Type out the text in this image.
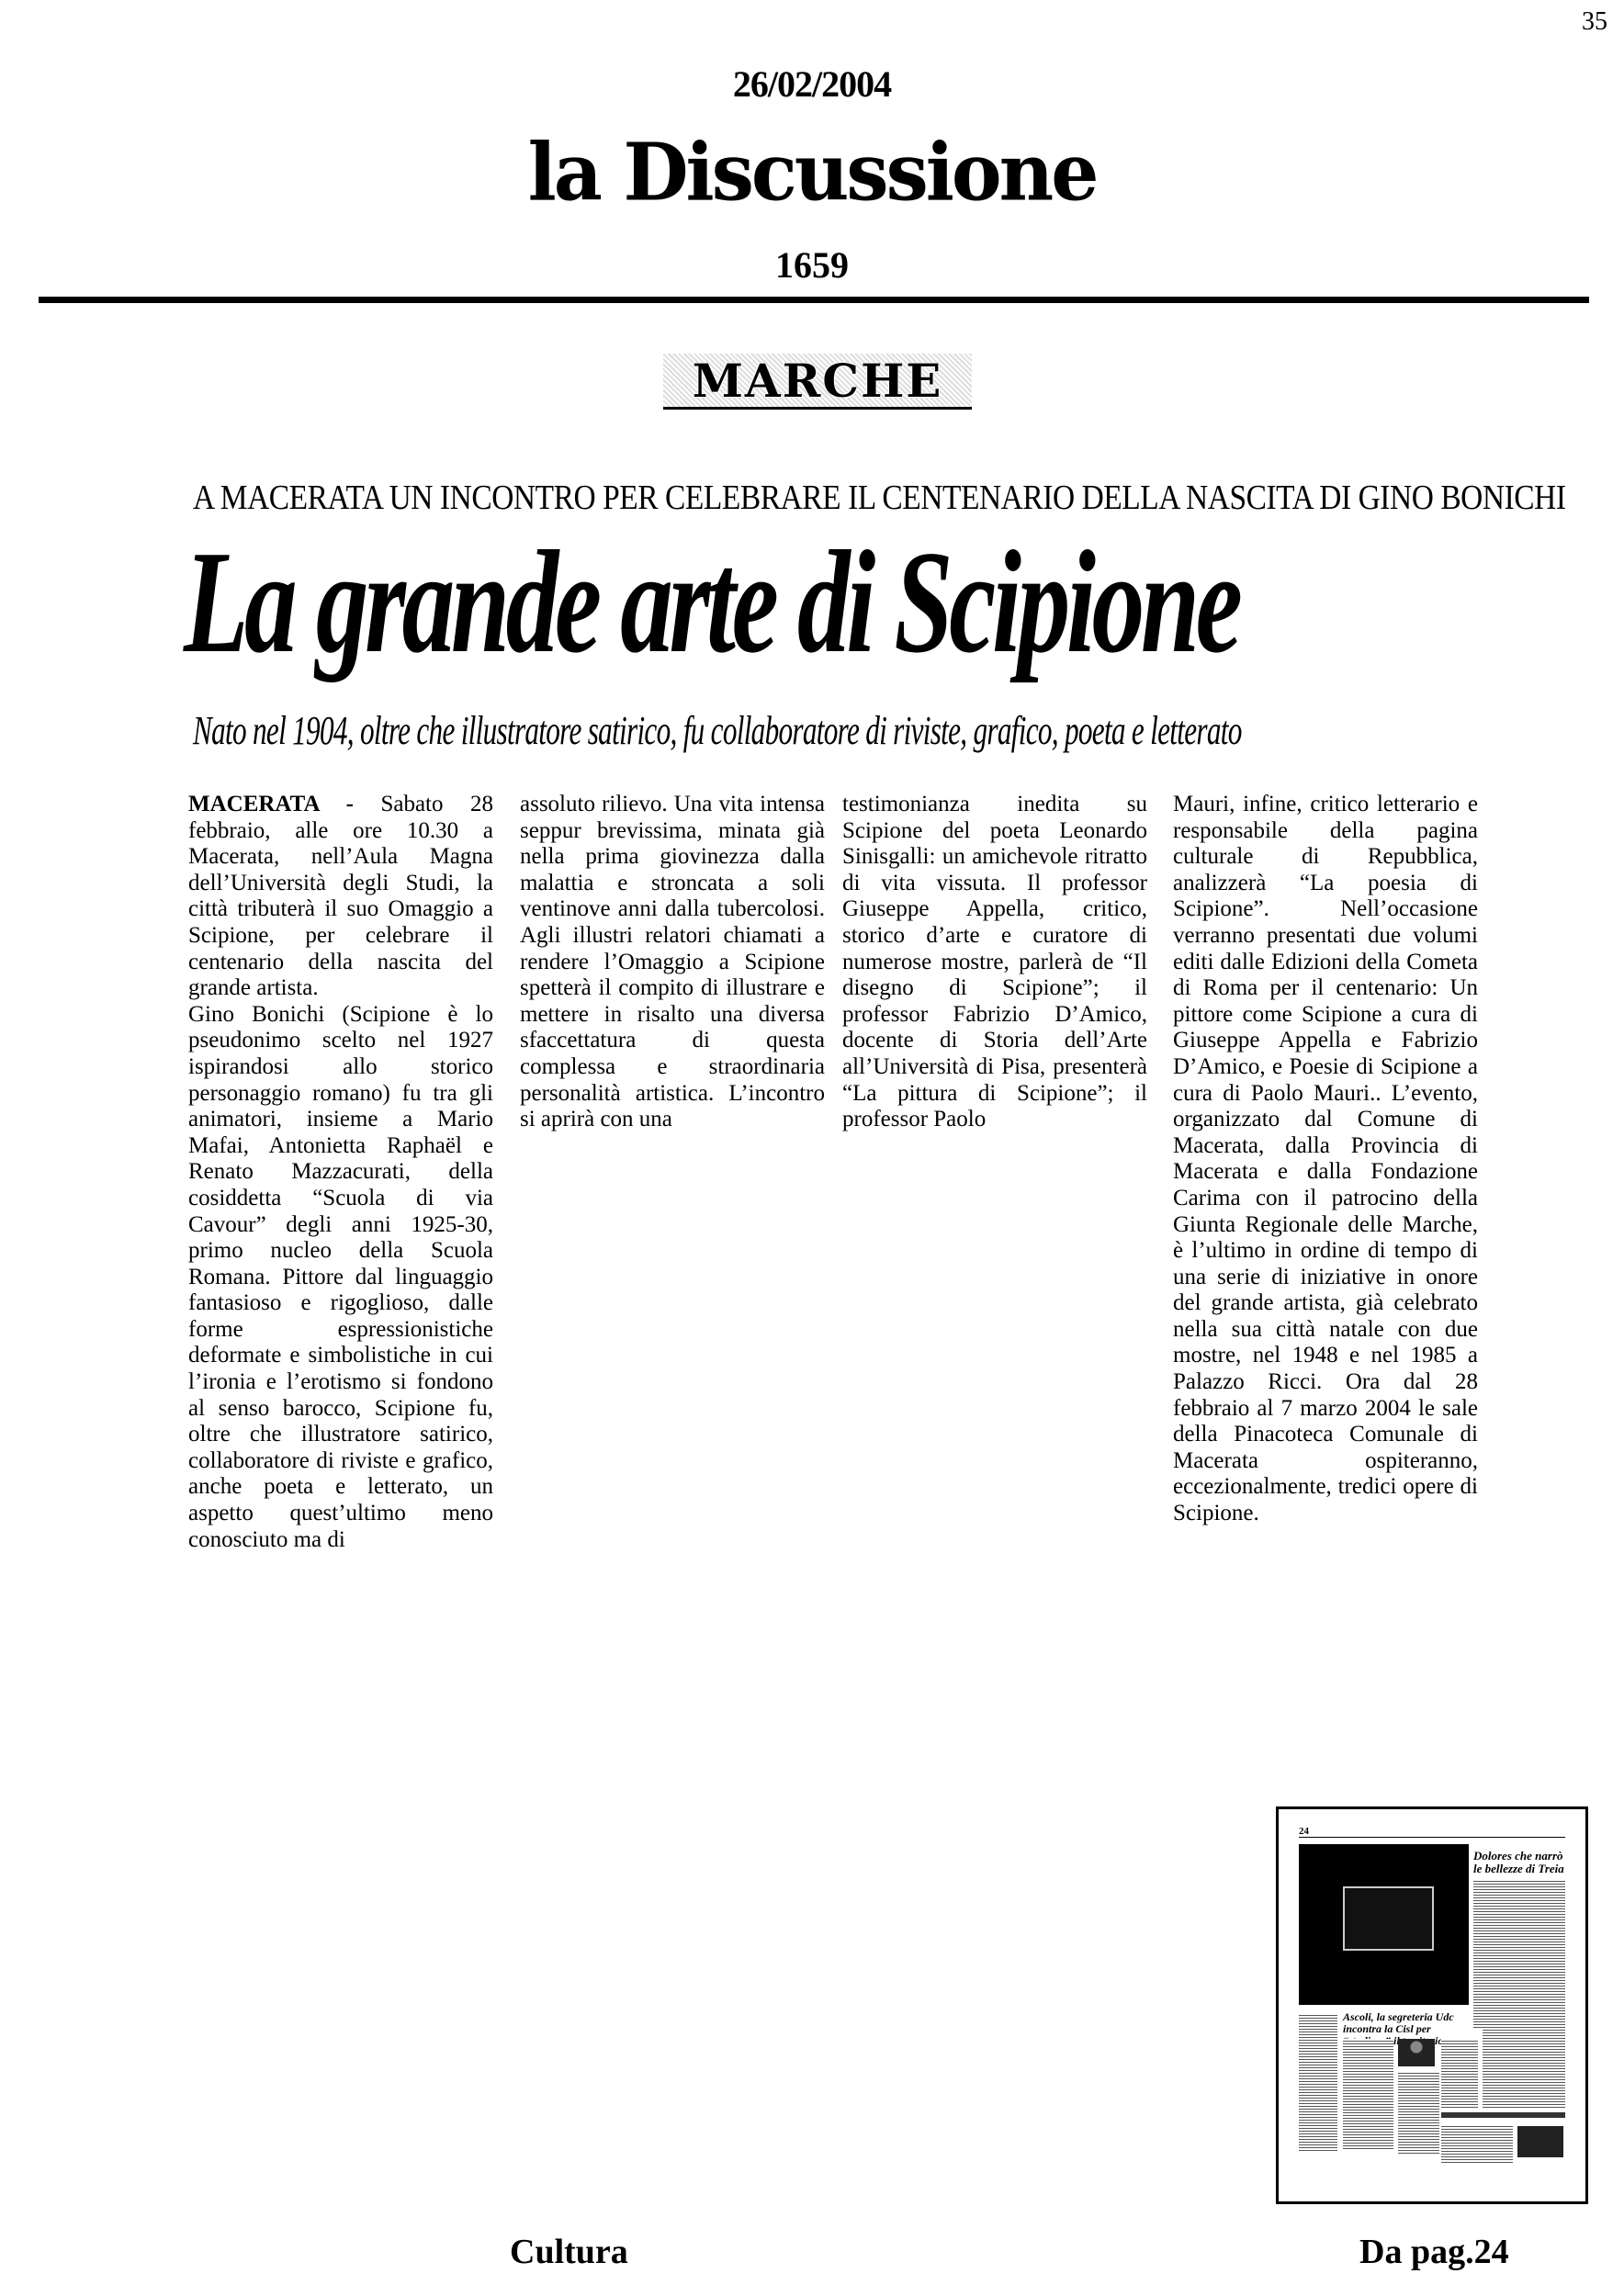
35
26/02/2004
la Discussione
1659
MARCHE
A MACERATA UN INCONTRO PER CELEBRARE IL CENTENARIO DELLA NASCITA DI GINO BONICHI
La grande arte di Scipione
Nato nel 1904, oltre che illustratore satirico, fu collaboratore di riviste, grafico, poeta e letterato

MACERATA - Sabato 28 febbraio, alle ore 10.30 a Macerata, nell’Aula Magna dell’Università degli Studi, la città tributerà il suo Omaggio a Scipione, per celebrare il centenario della nascita del grande artista.

Gino Bonichi (Scipione è lo pseudonimo scelto nel 1927 ispirandosi allo storico personaggio romano) fu tra gli animatori, insieme a Mario Mafai, Antonietta Raphaël e Renato Mazzacurati, della cosiddetta “Scuola di via Cavour” degli anni 1925-30, primo nucleo della Scuola Romana. Pittore dal linguaggio fantasioso e rigoglioso, dalle forme espressionistiche deformate e simbolistiche in cui l’ironia e l’erotismo si fondono al senso barocco, Scipione fu, oltre che illustratore satirico, collaboratore di riviste e grafico, anche poeta e letterato, un aspetto quest’ultimo meno conosciuto ma di

assoluto rilievo. Una vita intensa seppur brevissima, minata già nella prima giovinezza dalla malattia e stroncata a soli ventinove anni dalla tubercolosi. Agli illustri relatori chiamati a rendere l’Omaggio a Scipione spetterà il compito di illustrare e mettere in risalto una diversa sfaccettatura di questa complessa e straordinaria personalità artistica. L’incontro si aprirà con una

testimonianza inedita su Scipione del poeta Leonardo Sinisgalli: un amichevole ritratto di vita vissuta. Il professor Giuseppe Appella, critico, storico d’arte e curatore di numerose mostre, parlerà de “Il disegno di Scipione”; il professor Fabrizio D’Amico, docente di Storia dell’Arte all’Università di Pisa, presenterà “La pittura di Scipione”; il professor Paolo

Mauri, infine, critico letterario e responsabile della pagina culturale di Repubblica, analizzerà “La poesia di Scipione”. Nell’occasione verranno presentati due volumi editi dalle Edizioni della Cometa di Roma per il centenario: Un pittore come Scipione a cura di Giuseppe Appella e Fabrizio D’Amico, e Poesie di Scipione a cura di Paolo Mauri.. L’evento, organizzato dal Comune di Macerata, dalla Provincia di Macerata e dalla Fondazione Carima con il patrocino della Giunta Regionale delle Marche, è l’ultimo in ordine di tempo di una serie di iniziative in onore del grande artista, già celebrato nella sua città natale con due mostre, nel 1948 e nel 1985 a Palazzo Ricci. Ora dal 28 febbraio al 7 marzo 2004 le sale della Pinacoteca Comunale di Macerata ospiteranno, eccezionalmente, tredici opere di Scipione.

24
Dolores che narrò le bellezze di Treia
Ascoli, la segreteria Udc incontra la Cisl per il
Cultura	Da pag.24
